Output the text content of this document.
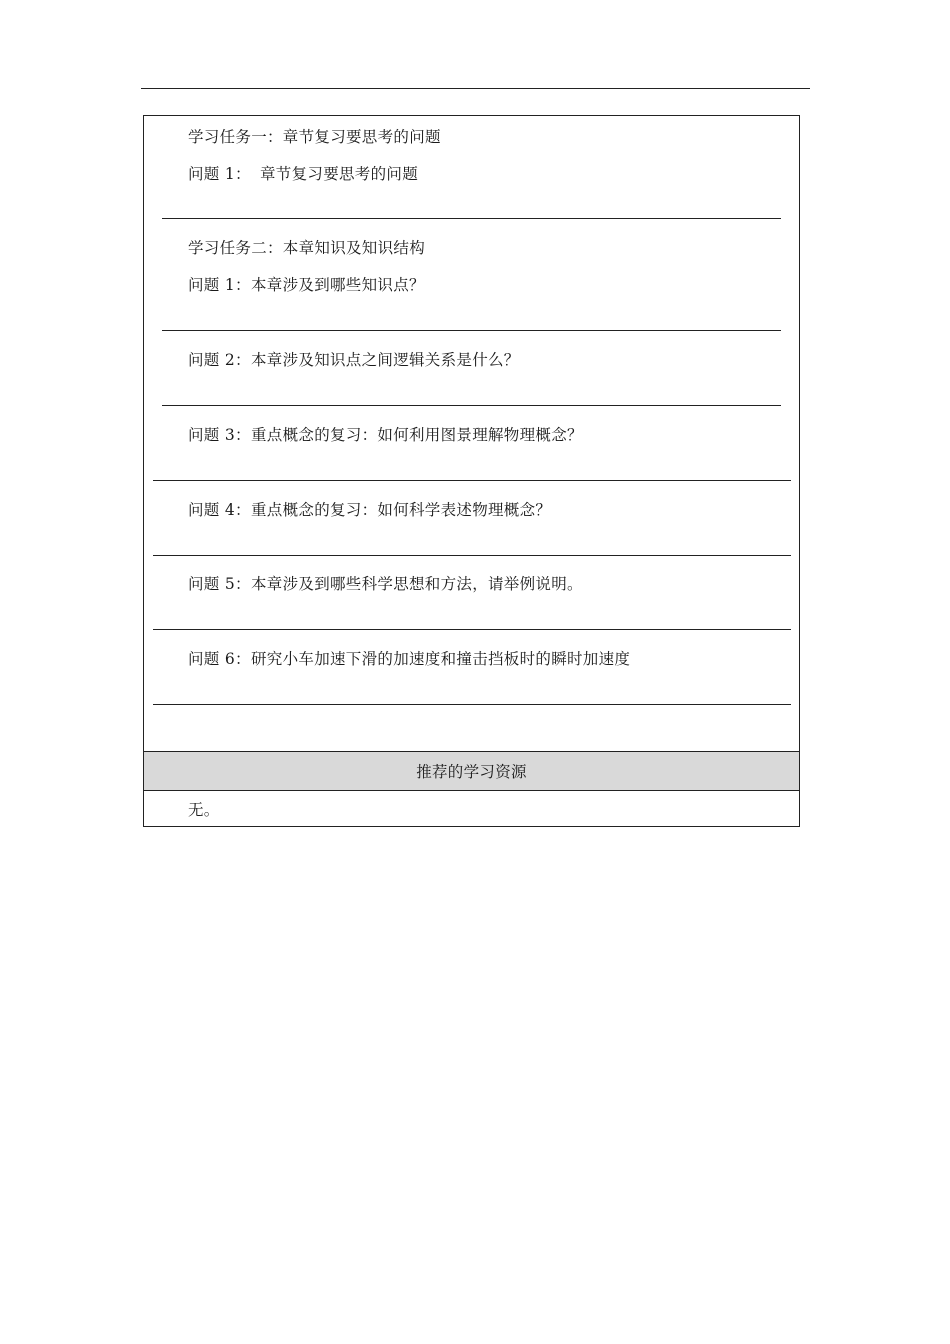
学习任务一：章节复习要思考的问题
问题 1： 章节复习要思考的问题
学习任务二：本章知识及知识结构
问题 1： 本章涉及到哪些知识点？
问题 2： 本章涉及知识点之间逻辑关系是什么？
问题 3： 重点概念的复习：如何利用图景理解物理概念？
问题 4： 重点概念的复习：如何科学表述物理概念？
问题 5： 本章涉及到哪些科学思想和方法，请举例说明。
问题 6： 研究小车加速下滑的加速度和撞击挡板时的瞬时加速度
推荐的学习资源
无。
